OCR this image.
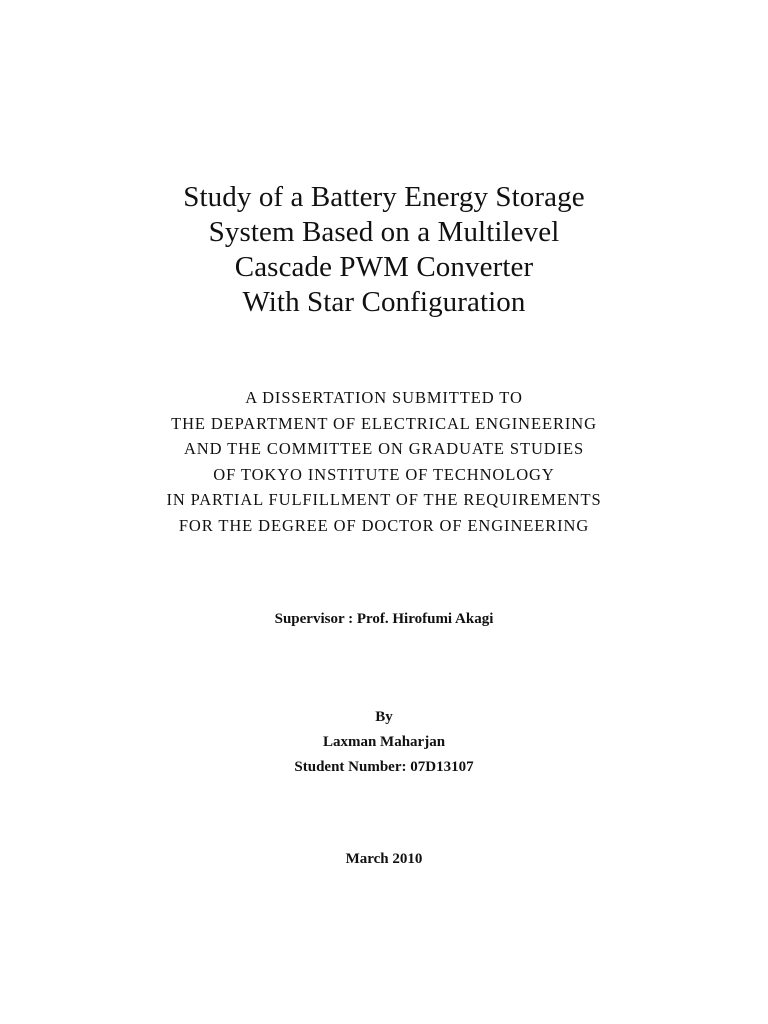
Study of a Battery Energy Storage
System Based on a Multilevel
Cascade PWM Converter
With Star Configuration
A DISSERTATION SUBMITTED TO
THE DEPARTMENT OF ELECTRICAL ENGINEERING
AND THE COMMITTEE ON GRADUATE STUDIES
OF TOKYO INSTITUTE OF TECHNOLOGY
IN PARTIAL FULFILLMENT OF THE REQUIREMENTS
FOR THE DEGREE OF DOCTOR OF ENGINEERING
Supervisor : Prof. Hirofumi Akagi
By
Laxman Maharjan
Student Number: 07D13107
March 2010
